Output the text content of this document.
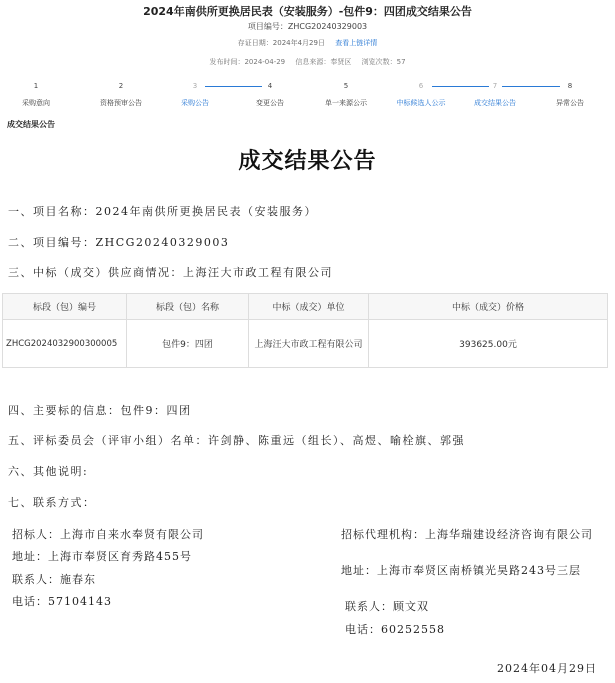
2024年南供所更换居民表（安装服务）-包件9：四团成交结果公告
项目编号：ZHCG20240329003
存证日期：2024年4月29日 查看上链详情
发布时间：2024-04-29 信息来源：奉贤区 浏览次数：57
1
采购意向
2
资格预审公告
3
采购公告
4
变更公告
5
单一来源公示
6
中标候选人公示
7
成交结果公告
8
异常公告
成交结果公告
成交结果公告
一、项目名称：2024年南供所更换居民表（安装服务）
二、项目编号：ZHCG20240329003
三、中标（成交）供应商情况：上海汪大市政工程有限公司
标段（包）编号	标段（包）名称	中标（成交）单位	中标（成交）价格
ZHCG2024032900300005	包件9：四团	上海汪大市政工程有限公司	393625.00元
四、主要标的信息：包件9：四团
五、评标委员会（评审小组）名单：许剑静、陈重远（组长）、高煜、喻栓旗、郭强
六、其他说明:
七、联系方式：
招标人：上海市自来水奉贤有限公司
地址：上海市奉贤区育秀路455号
联系人：施春东
电话：57104143
招标代理机构：上海华瑞建设经济咨询有限公司
地址：上海市奉贤区南桥镇光昊路243号三层
联系人：顾文双
电话：60252558
2024年04月29日
